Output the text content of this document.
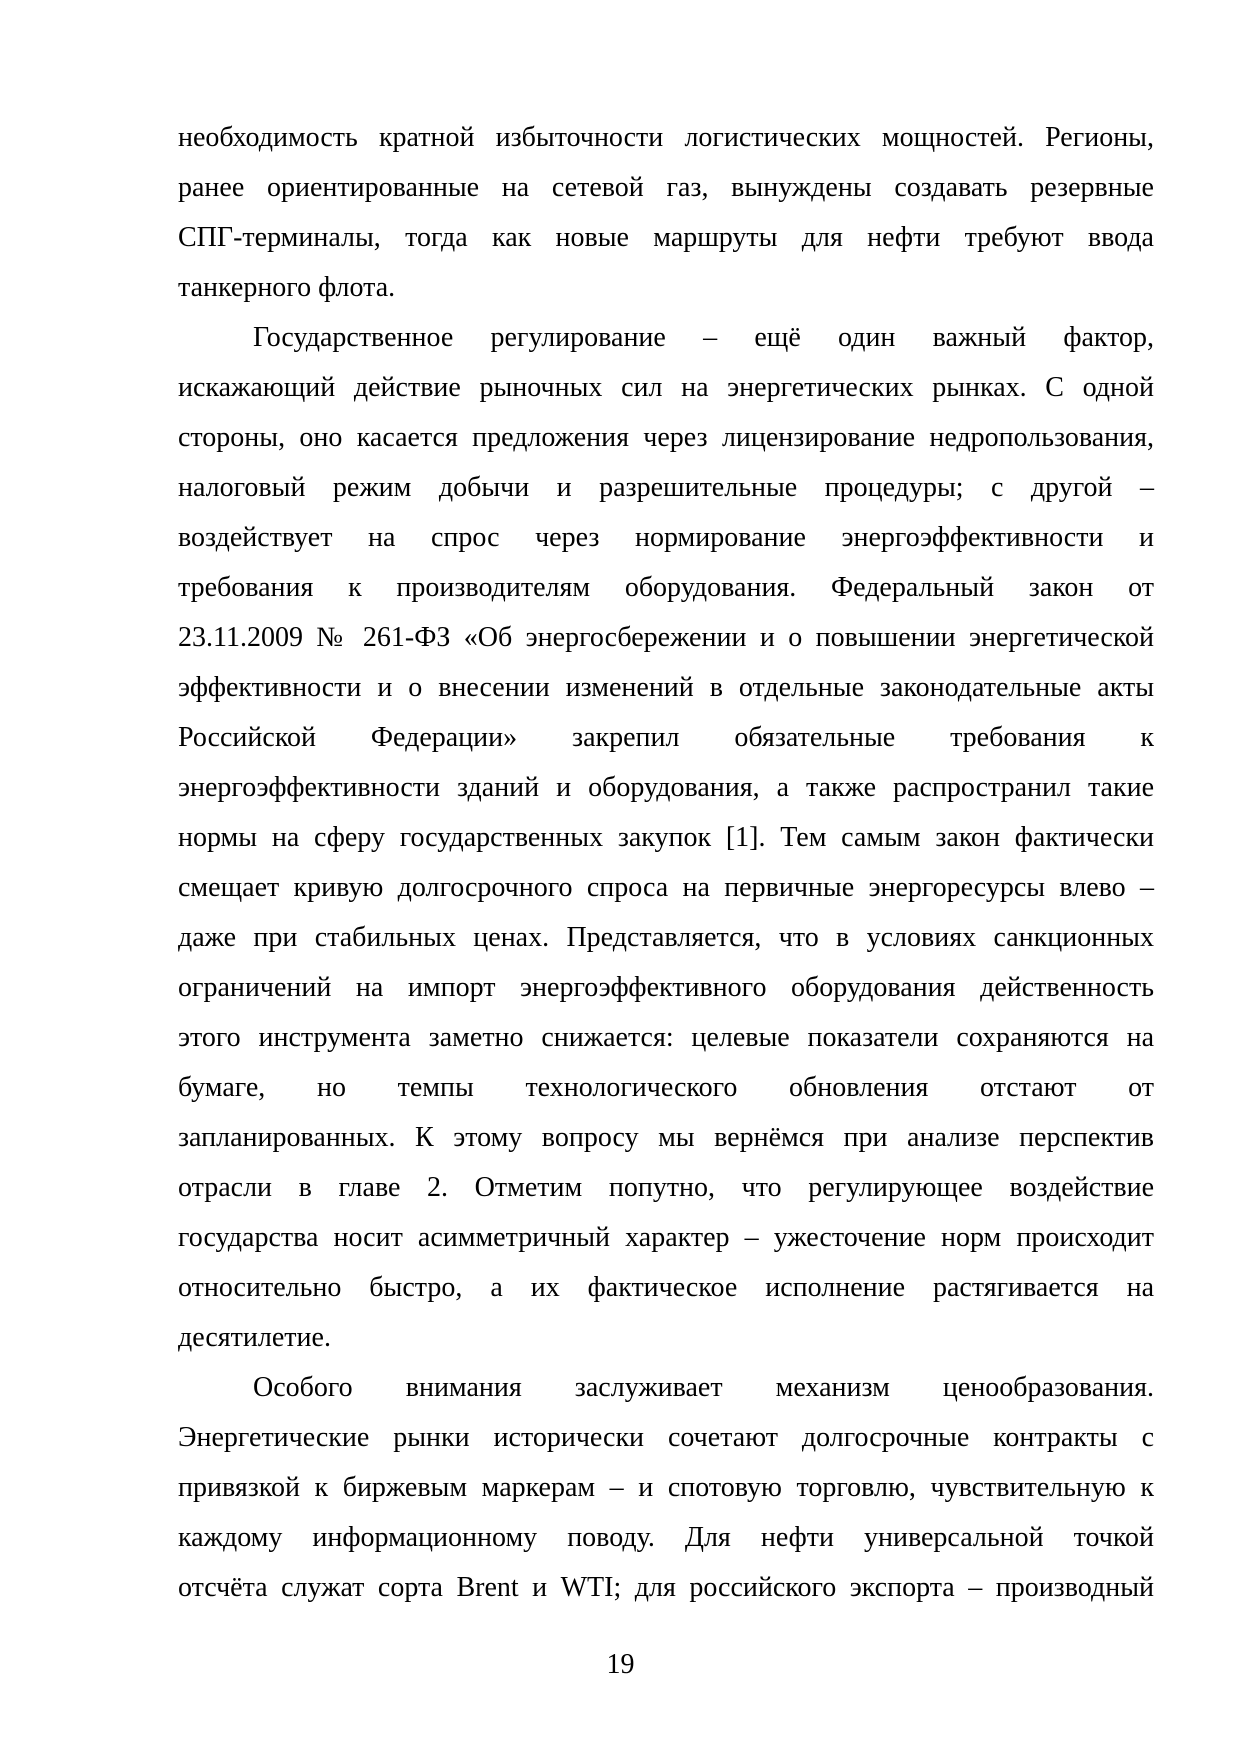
необходимость кратной избыточности логистических мощностей. Регионы,

ранее ориентированные на сетевой газ, вынуждены создавать резервные

СПГ-терминалы, тогда как новые маршруты для нефти требуют ввода

танкерного флота.

Государственное регулирование – ещё один важный фактор,

искажающий действие рыночных сил на энергетических рынках. С одной

стороны, оно касается предложения через лицензирование недропользования,

налоговый режим добычи и разрешительные процедуры; с другой –

воздействует на спрос через нормирование энергоэффективности и

требования к производителям оборудования. Федеральный закон от

23.11.2009 № 261-ФЗ «Об энергосбережении и о повышении энергетической

эффективности и о внесении изменений в отдельные законодательные акты

Российской Федерации» закрепил обязательные требования к

энергоэффективности зданий и оборудования, а также распространил такие

нормы на сферу государственных закупок [1]. Тем самым закон фактически

смещает кривую долгосрочного спроса на первичные энергоресурсы влево –

даже при стабильных ценах. Представляется, что в условиях санкционных

ограничений на импорт энергоэффективного оборудования действенность

этого инструмента заметно снижается: целевые показатели сохраняются на

бумаге, но темпы технологического обновления отстают от

запланированных. К этому вопросу мы вернёмся при анализе перспектив

отрасли в главе 2. Отметим попутно, что регулирующее воздействие

государства носит асимметричный характер – ужесточение норм происходит

относительно быстро, а их фактическое исполнение растягивается на

десятилетие.

Особого внимания заслуживает механизм ценообразования.

Энергетические рынки исторически сочетают долгосрочные контракты с

привязкой к биржевым маркерам – и спотовую торговлю, чувствительную к

каждому информационному поводу. Для нефти универсальной точкой

отсчёта служат сорта Brent и WTI; для российского экспорта – производный

19
